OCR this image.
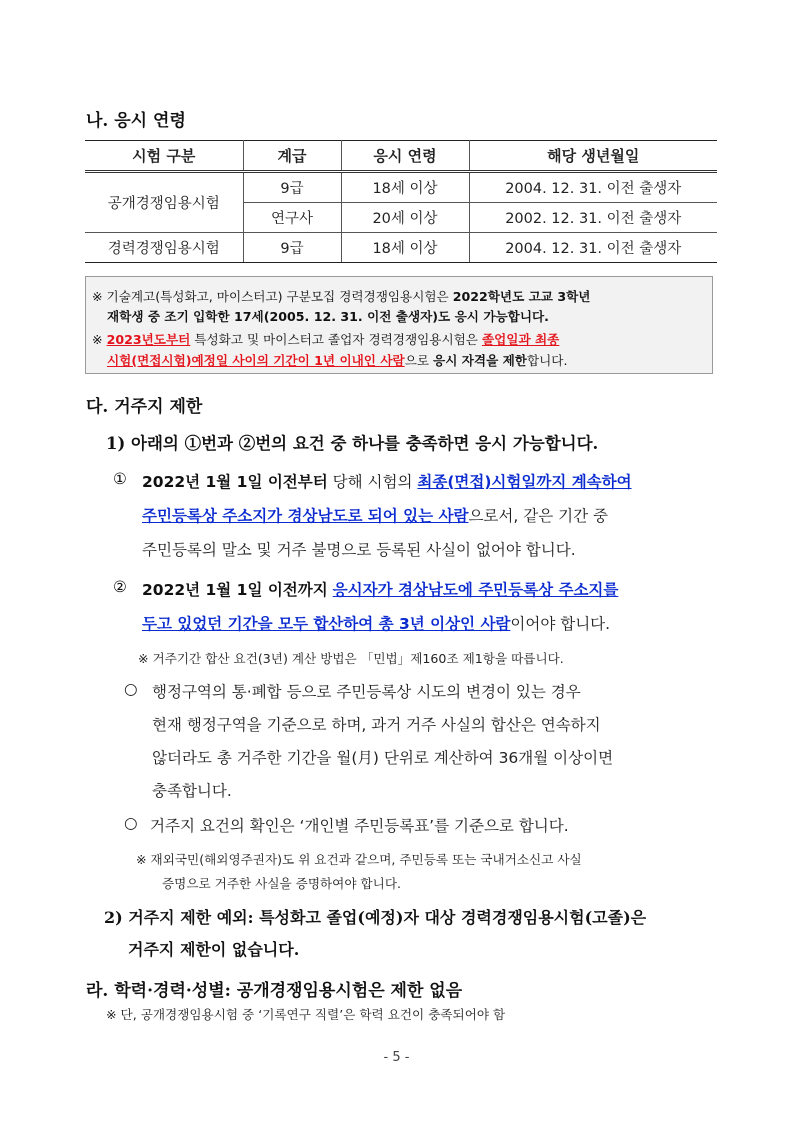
나. 응시 연령
시험 구분	계급	응시 연령	해당 생년월일
공개경쟁임용시험	9급	18세 이상	2004. 12. 31. 이전 출생자
	연구사	20세 이상	2002. 12. 31. 이전 출생자
경력경쟁임용시험	9급	18세 이상	2004. 12. 31. 이전 출생자
※ 기술계고(특성화고, 마이스터고) 구분모집 경력경쟁임용시험은 2022학년도 고교 3학년
재학생 중 조기 입학한 17세(2005. 12. 31. 이전 출생자)도 응시 가능합니다.
※ 2023년도부터 특성화고 및 마이스터고 졸업자 경력경쟁임용시험은 졸업일과 최종
시험(면접시험)예정일 사이의 기간이 1년 이내인 사람으로 응시 자격을 제한합니다.
다. 거주지 제한
1) 아래의 ①번과 ②번의 요건 중 하나를 충족하면 응시 가능합니다.
① 2022년 1월 1일 이전부터 당해 시험의 최종(면접)시험일까지 계속하여
주민등록상 주소지가 경상남도로 되어 있는 사람으로서, 같은 기간 중
주민등록의 말소 및 거주 불명으로 등록된 사실이 없어야 합니다.
② 2022년 1월 1일 이전까지 응시자가 경상남도에 주민등록상 주소지를
두고 있었던 기간을 모두 합산하여 총 3년 이상인 사람이어야 합니다.
※ 거주기간 합산 요건(3년) 계산 방법은 「민법」제160조 제1항을 따릅니다.
○ 행정구역의 통·폐합 등으로 주민등록상 시도의 변경이 있는 경우
현재 행정구역을 기준으로 하며, 과거 거주 사실의 합산은 연속하지
않더라도 총 거주한 기간을 월(月) 단위로 계산하여 36개월 이상이면
충족합니다.
○ 거주지 요건의 확인은 ‘개인별 주민등록표’를 기준으로 합니다.
※ 재외국민(해외영주권자)도 위 요건과 같으며, 주민등록 또는 국내거소신고 사실
증명으로 거주한 사실을 증명하여야 합니다.
2) 거주지 제한 예외: 특성화고 졸업(예정)자 대상 경력경쟁임용시험(고졸)은
거주지 제한이 없습니다.
라. 학력·경력·성별: 공개경쟁임용시험은 제한 없음
※ 단, 공개경쟁임용시험 중 ‘기록연구 직렬’은 학력 요건이 충족되어야 함
- 5 -
